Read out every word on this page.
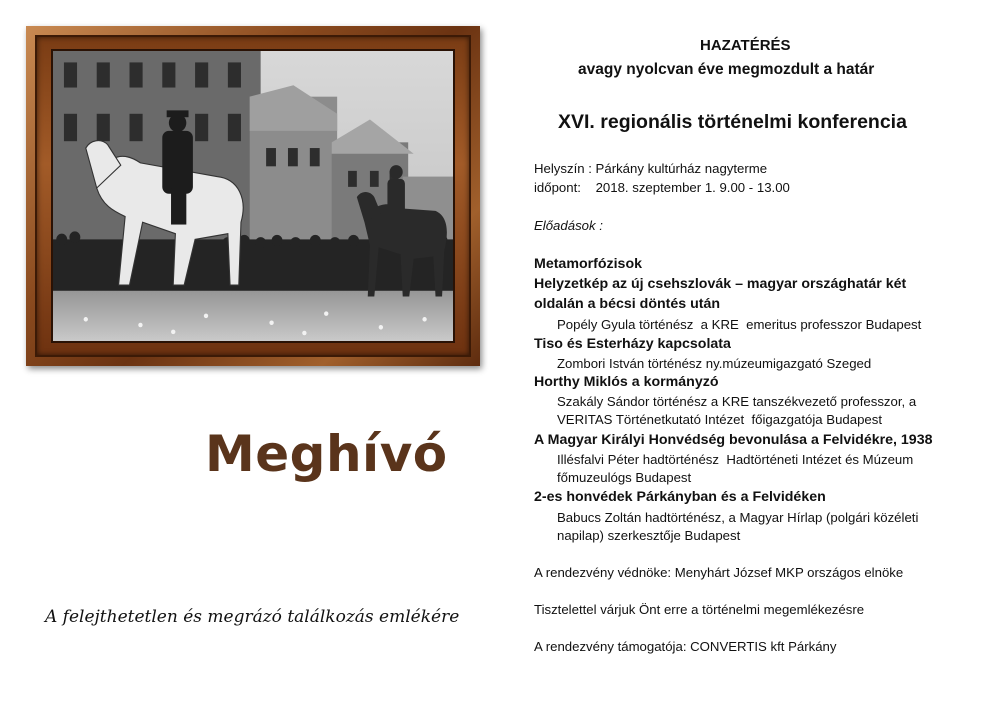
Meghívó
A felejthetetlen és megrázó találkozás emlékére
HAZATÉRÉS
avagy nyolcvan éve megmozdult a határ
XVI. regionális történelmi konferencia
Helyszín : Párkány kultúrház nagyterme
időpont:    2018. szeptember 1. 9.00 - 13.00
Előadások :
Metamorfózisok
Helyzetkép az új csehszlovák – magyar országhatár két
oldalán a bécsi döntés után
Popély Gyula történész  a KRE  emeritus professzor Budapest
Tiso és Esterházy kapcsolata
Zombori István történész ny.múzeumigazgató Szeged
Horthy Miklós a kormányzó
Szakály Sándor történész a KRE tanszékvezető professzor, a
VERITAS Történetkutató Intézet  főigazgatója Budapest
A Magyar Királyi Honvédség bevonulása a Felvidékre, 1938
Illésfalvi Péter hadtörténész  Hadtörténeti Intézet és Múzeum
főmuzeulógs Budapest
2-es honvédek Párkányban és a Felvidéken
Babucs Zoltán hadtörténész, a Magyar Hírlap (polgári közéleti
napilap) szerkesztője Budapest
A rendezvény védnöke: Menyhárt József MKP országos elnöke
Tisztelettel várjuk Önt erre a történelmi megemlékezésre
A rendezvény támogatója: CONVERTIS kft Párkány
